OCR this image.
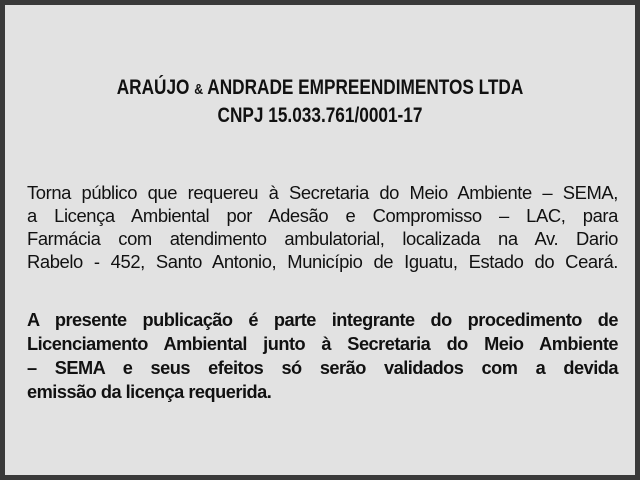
ARAÚJO & ANDRADE EMPREENDIMENTOS LTDA
CNPJ 15.033.761/0001-17
Torna público que requereu à Secretaria do Meio Ambiente – SEMA,
a Licença Ambiental por Adesão e Compromisso – LAC, para
Farmácia com atendimento ambulatorial, localizada na Av. Dario
Rabelo - 452, Santo Antonio, Município de Iguatu, Estado do Ceará.
A presente publicação é parte integrante do procedimento de
Licenciamento Ambiental junto à Secretaria do Meio Ambiente
– SEMA e seus efeitos só serão validados com a devida
emissão da licença requerida.
